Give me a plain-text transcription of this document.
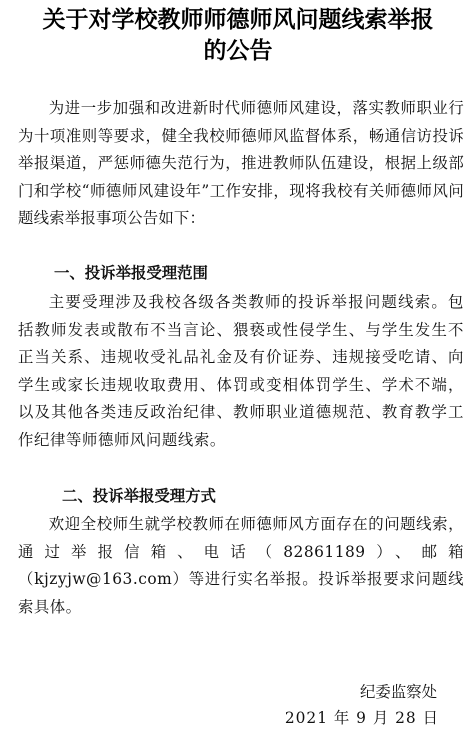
关于对学校教师师德师风问题线索举报
的公告

为进一步加强和改进新时代师德师风建设，落实教师职业行为十项准则等要求，健全我校师德师风监督体系，畅通信访投诉举报渠道，严惩师德失范行为，推进教师队伍建设，根据上级部门和学校“师德师风建设年”工作安排，现将我校有关师德师风问题线索举报事项公告如下：

一、投诉举报受理范围

主要受理涉及我校各级各类教师的投诉举报问题线索。包括教师发表或散布不当言论、猥亵或性侵学生、与学生发生不正当关系、违规收受礼品礼金及有价证券、违规接受吃请、向学生或家长违规收取费用、体罚或变相体罚学生、学术不端，以及其他各类违反政治纪律、教师职业道德规范、教育教学工作纪律等师德师风问题线索。

二、投诉举报受理方式

欢迎全校师生就学校教师在师德师风方面存在的问题线索，通过举报信箱、电话（82861189）、邮箱（kjzyjw@163.com）等进行实名举报。投诉举报要求问题线索具体。

纪委监察处

2021 年 9 月 28 日
